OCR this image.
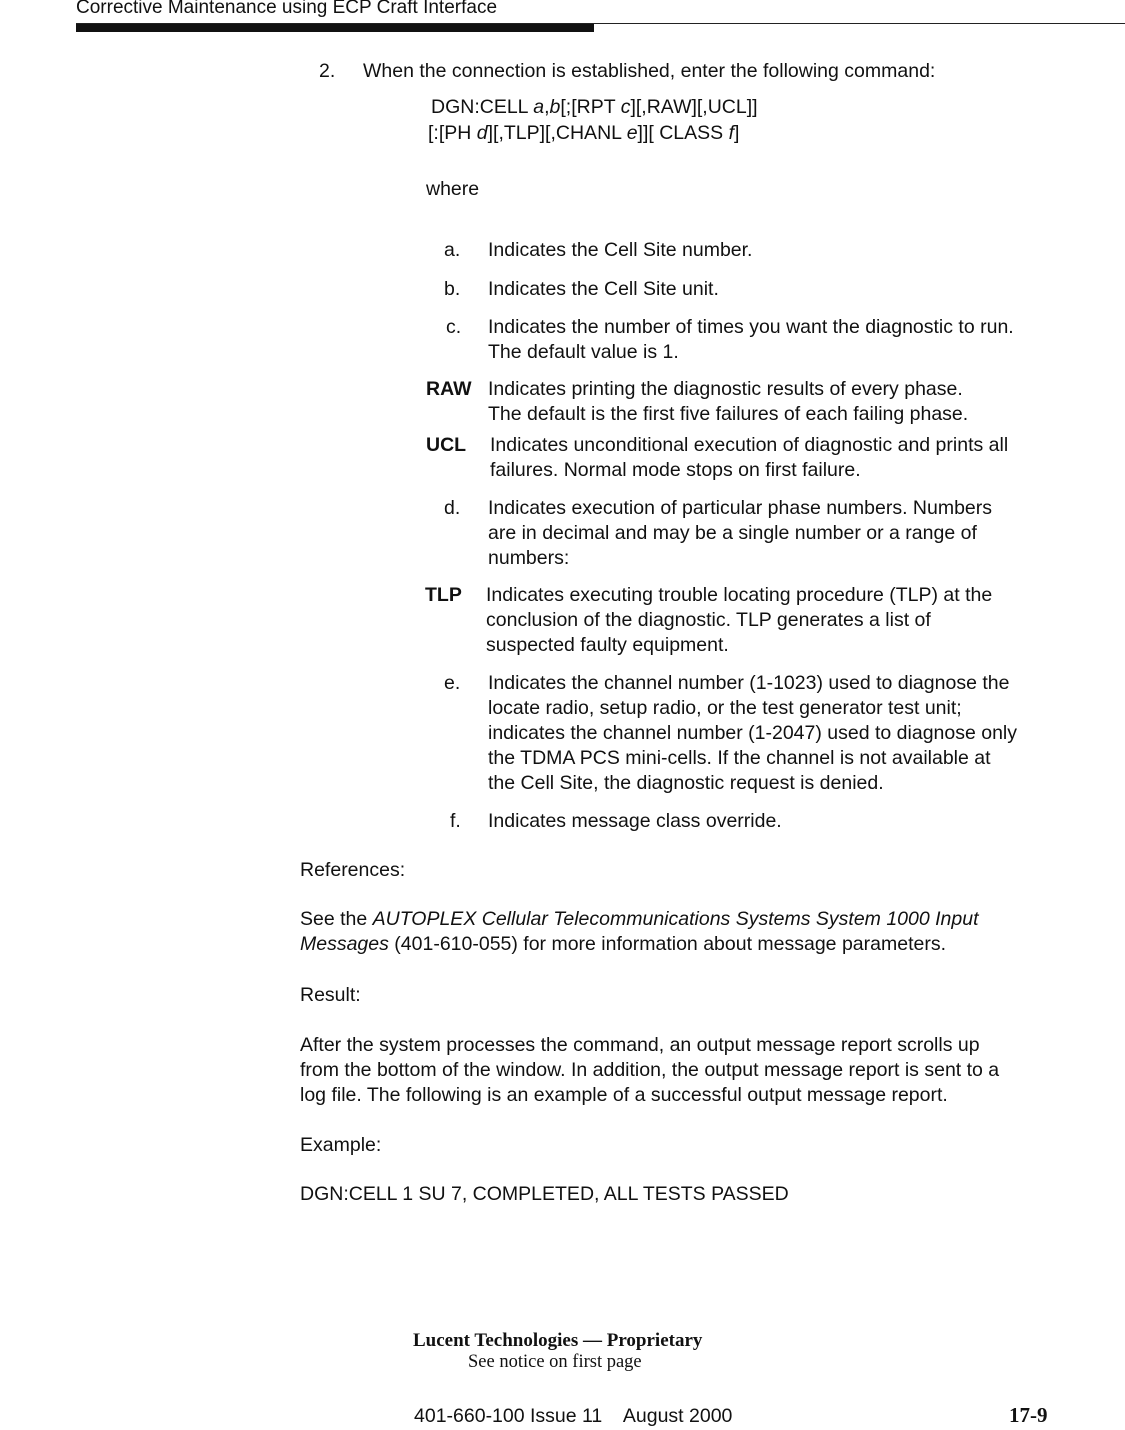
Corrective Maintenance using ECP Craft Interface
2. When the connection is established, enter the following command:
DGN:CELL a,b[;[RPT c][,RAW][,UCL]]
[:[PH d][,TLP][,CHANL e]][ CLASS f]
where
a. Indicates the Cell Site number.
b. Indicates the Cell Site unit.
c. Indicates the number of times you want the diagnostic to run.
The default value is 1.
RAW Indicates printing the diagnostic results of every phase.
The default is the first five failures of each failing phase.
UCL Indicates unconditional execution of diagnostic and prints all
failures. Normal mode stops on first failure.
d. Indicates execution of particular phase numbers. Numbers
are in decimal and may be a single number or a range of
numbers:
TLP Indicates executing trouble locating procedure (TLP) at the
conclusion of the diagnostic. TLP generates a list of
suspected faulty equipment.
e. Indicates the channel number (1-1023) used to diagnose the
locate radio, setup radio, or the test generator test unit;
indicates the channel number (1-2047) used to diagnose only
the TDMA PCS mini-cells. If the channel is not available at
the Cell Site, the diagnostic request is denied.
f. Indicates message class override.
References:
See the AUTOPLEX Cellular Telecommunications Systems System 1000 Input
Messages (401-610-055) for more information about message parameters.
Result:
After the system processes the command, an output message report scrolls up
from the bottom of the window. In addition, the output message report is sent to a
log file. The following is an example of a successful output message report.
Example:
DGN:CELL 1 SU 7, COMPLETED, ALL TESTS PASSED
Lucent Technologies — Proprietary
See notice on first page
401-660-100 Issue 11    August 2000	17-9
